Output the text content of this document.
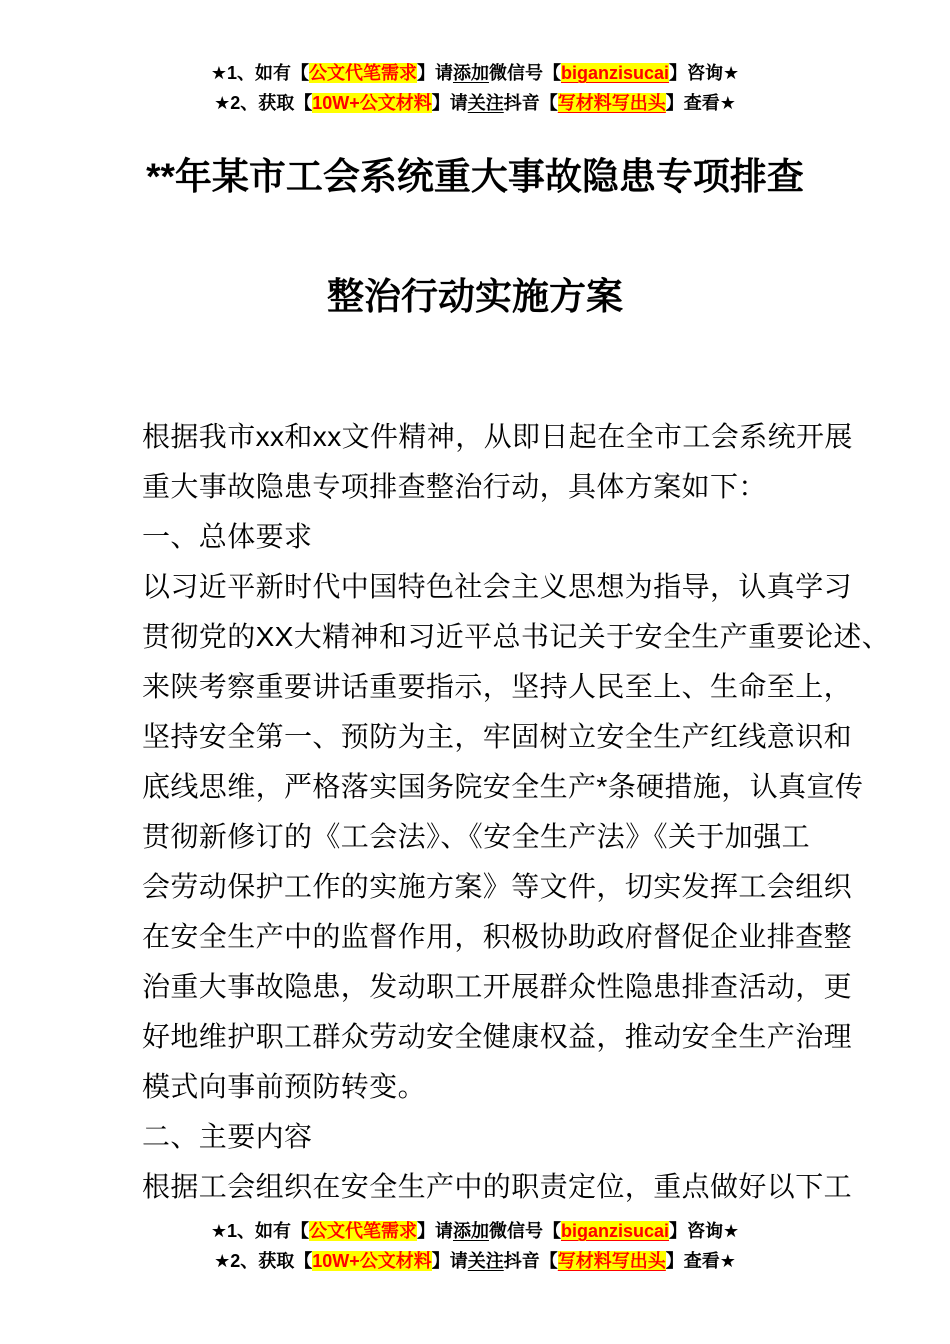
★1、如有【公文代笔需求】请添加微信号【biganzisucai】咨询★
★2、获取【10W+公文材料】请关注抖音【写材料写出头】查看★
**年某市工会系统重大事故隐患专项排查
整治行动实施方案
根据我市xx和xx文件精神，从即日起在全市工会系统开展
重大事故隐患专项排查整治行动，具体方案如下：
一、总体要求
以习近平新时代中国特色社会主义思想为指导，认真学习
贯彻党的XX大精神和习近平总书记关于安全生产重要论述、
来陕考察重要讲话重要指示，坚持人民至上、生命至上，
坚持安全第一、预防为主，牢固树立安全生产红线意识和
底线思维，严格落实国务院安全生产*条硬措施，认真宣传
贯彻新修订的《工会法》、《安全生产法》《关于加强工
会劳动保护工作的实施方案》等文件，切实发挥工会组织
在安全生产中的监督作用，积极协助政府督促企业排查整
治重大事故隐患，发动职工开展群众性隐患排查活动，更
好地维护职工群众劳动安全健康权益，推动安全生产治理
模式向事前预防转变。
二、主要内容
根据工会组织在安全生产中的职责定位，重点做好以下工
★1、如有【公文代笔需求】请添加微信号【biganzisucai】咨询★
★2、获取【10W+公文材料】请关注抖音【写材料写出头】查看★
